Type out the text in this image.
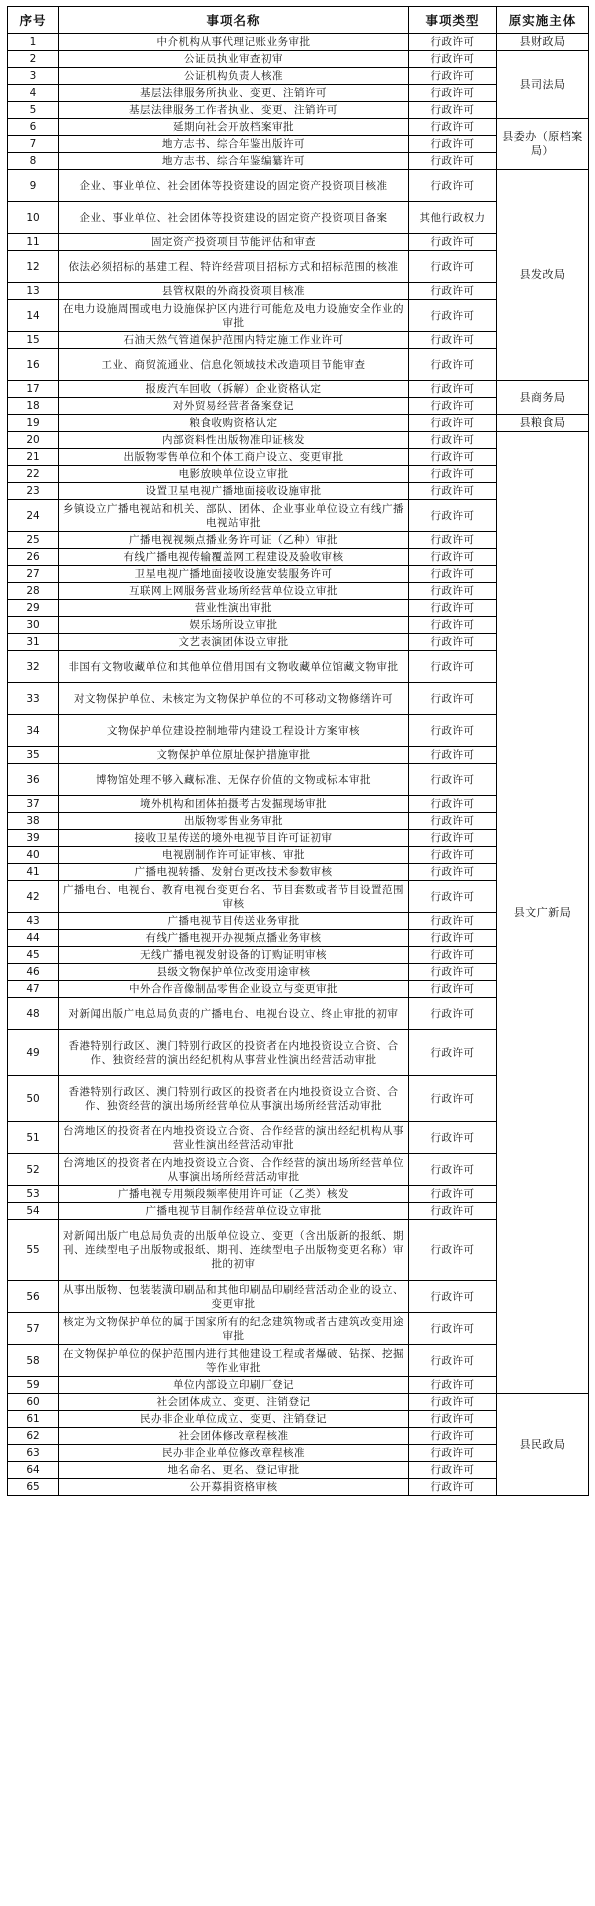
序号	事项名称	事项类型	原实施主体
1	中介机构从事代理记账业务审批	行政许可	县财政局
2	公证员执业审查初审	行政许可	县司法局
3	公证机构负责人核准	行政许可	
4	基层法律服务所执业、变更、注销许可	行政许可	
5	基层法律服务工作者执业、变更、注销许可	行政许可	
6	延期向社会开放档案审批	行政许可	县委办（原档案局）
7	地方志书、综合年鉴出版许可	行政许可	
8	地方志书、综合年鉴编纂许可	行政许可	
9	企业、事业单位、社会团体等投资建设的固定资产投资项目核准	行政许可	县发改局
10	企业、事业单位、社会团体等投资建设的固定资产投资项目备案	其他行政权力	
11	固定资产投资项目节能评估和审查	行政许可	
12	依法必须招标的基建工程、特许经营项目招标方式和招标范围的核准	行政许可	
13	县管权限的外商投资项目核准	行政许可	
14	在电力设施周围或电力设施保护区内进行可能危及电力设施安全作业的审批	行政许可	
15	石油天然气管道保护范围内特定施工作业许可	行政许可	
16	工业、商贸流通业、信息化领域技术改造项目节能审查	行政许可	
17	报废汽车回收（拆解）企业资格认定	行政许可	县商务局
18	对外贸易经营者备案登记	行政许可	
19	粮食收购资格认定	行政许可	县粮食局
20	内部资料性出版物准印证核发	行政许可	县文广新局
21	出版物零售单位和个体工商户设立、变更审批	行政许可	
22	电影放映单位设立审批	行政许可	
23	设置卫星电视广播地面接收设施审批	行政许可	
24	乡镇设立广播电视站和机关、部队、团体、企业事业单位设立有线广播电视站审批	行政许可	
25	广播电视视频点播业务许可证（乙种）审批	行政许可	
26	有线广播电视传输覆盖网工程建设及验收审核	行政许可	
27	卫星电视广播地面接收设施安装服务许可	行政许可	
28	互联网上网服务营业场所经营单位设立审批	行政许可	
29	营业性演出审批	行政许可	
30	娱乐场所设立审批	行政许可	
31	文艺表演团体设立审批	行政许可	
32	非国有文物收藏单位和其他单位借用国有文物收藏单位馆藏文物审批	行政许可	
33	对文物保护单位、未核定为文物保护单位的不可移动文物修缮许可	行政许可	
34	文物保护单位建设控制地带内建设工程设计方案审核	行政许可	
35	文物保护单位原址保护措施审批	行政许可	
36	博物馆处理不够入藏标准、无保存价值的文物或标本审批	行政许可	
37	境外机构和团体拍摄考古发掘现场审批	行政许可	
38	出版物零售业务审批	行政许可	
39	接收卫星传送的境外电视节目许可证初审	行政许可	
40	电视剧制作许可证审核、审批	行政许可	
41	广播电视转播、发射台更改技术参数审核	行政许可	
42	广播电台、电视台、教育电视台变更台名、节目套数或者节目设置范围审核	行政许可	
43	广播电视节目传送业务审批	行政许可	
44	有线广播电视开办视频点播业务审核	行政许可	
45	无线广播电视发射设备的订购证明审核	行政许可	
46	县级文物保护单位改变用途审核	行政许可	
47	中外合作音像制品零售企业设立与变更审批	行政许可	
48	对新闻出版广电总局负责的广播电台、电视台设立、终止审批的初审	行政许可	
49	香港特别行政区、澳门特别行政区的投资者在内地投资设立合资、合作、独资经营的演出经纪机构从事营业性演出经营活动审批	行政许可	
50	香港特别行政区、澳门特别行政区的投资者在内地投资设立合资、合作、独资经营的演出场所经营单位从事演出场所经营活动审批	行政许可	
51	台湾地区的投资者在内地投资设立合资、合作经营的演出经纪机构从事营业性演出经营活动审批	行政许可	
52	台湾地区的投资者在内地投资设立合资、合作经营的演出场所经营单位从事演出场所经营活动审批	行政许可	
53	广播电视专用频段频率使用许可证（乙类）核发	行政许可	
54	广播电视节目制作经营单位设立审批	行政许可	
55	对新闻出版广电总局负责的出版单位设立、变更（含出版新的报纸、期刊、连续型电子出版物或报纸、期刊、连续型电子出版物变更名称）审批的初审	行政许可	
56	从事出版物、包装装潢印刷品和其他印刷品印刷经营活动企业的设立、变更审批	行政许可	
57	核定为文物保护单位的属于国家所有的纪念建筑物或者古建筑改变用途审批	行政许可	
58	在文物保护单位的保护范围内进行其他建设工程或者爆破、钻探、挖掘等作业审批	行政许可	
59	单位内部设立印刷厂登记	行政许可	
60	社会团体成立、变更、注销登记	行政许可	县民政局
61	民办非企业单位成立、变更、注销登记	行政许可	
62	社会团体修改章程核准	行政许可	
63	民办非企业单位修改章程核准	行政许可	
64	地名命名、更名、登记审批	行政许可	
65	公开募捐资格审核	行政许可	
